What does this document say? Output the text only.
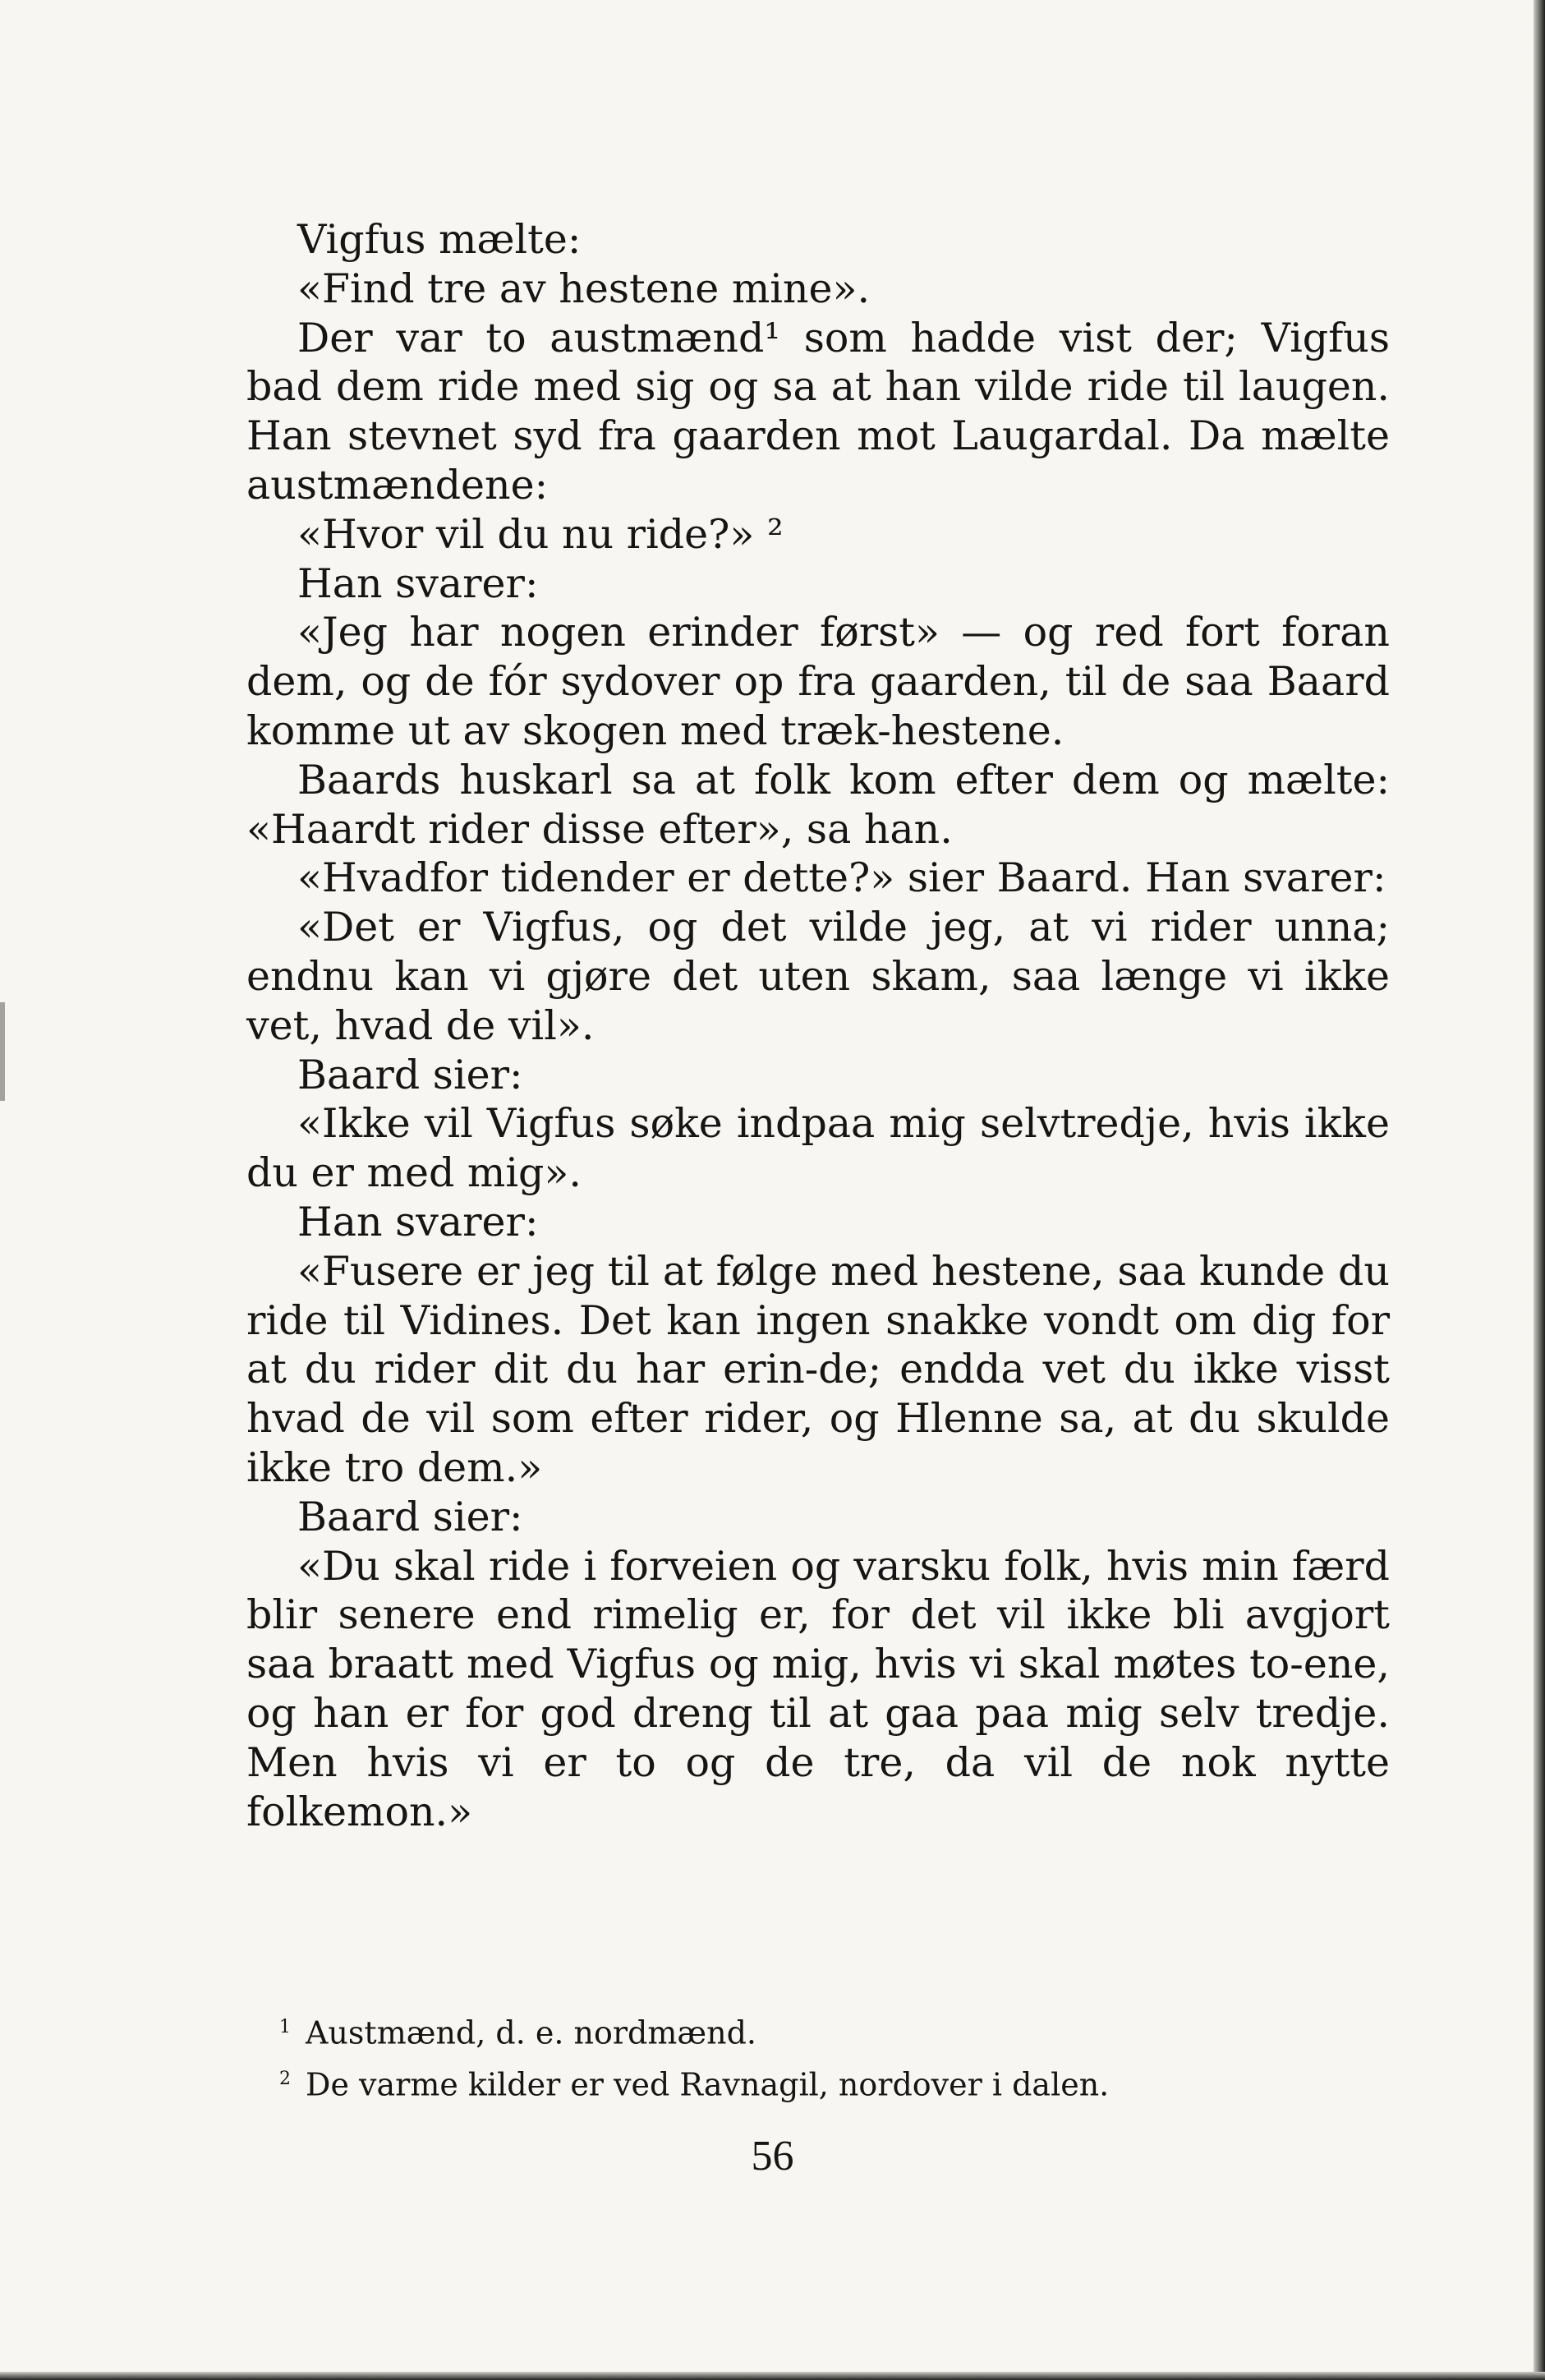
Vigfus mælte:

«Find tre av hestene mine».

Der var to austmænd¹ som hadde vist der; Vigfus bad dem ride med sig og sa at han vilde ride til laugen. Han stevnet syd fra gaarden mot Laugardal. Da mælte austmændene:

«Hvor vil du nu ride?» ²

Han svarer:

«Jeg har nogen erinder først» — og red fort foran dem, og de fór sydover op fra gaarden, til de saa Baard komme ut av skogen med træk-hestene.

Baards huskarl sa at folk kom efter dem og mælte: «Haardt rider disse efter», sa han.

«Hvadfor tidender er dette?» sier Baard. Han svarer:

«Det er Vigfus, og det vilde jeg, at vi rider unna; endnu kan vi gjøre det uten skam, saa længe vi ikke vet, hvad de vil».

Baard sier:

«Ikke vil Vigfus søke indpaa mig selvtredje, hvis ikke du er med mig».

Han svarer:

«Fusere er jeg til at følge med hestene, saa kunde du ride til Vidines. Det kan ingen snakke vondt om dig for at du rider dit du har erin-de; endda vet du ikke visst hvad de vil som efter rider, og Hlenne sa, at du skulde ikke tro dem.»

Baard sier:

«Du skal ride i forveien og varsku folk, hvis min færd blir senere end rimelig er, for det vil ikke bli avgjort saa braatt med Vigfus og mig, hvis vi skal møtes to-ene, og han er for god dreng til at gaa paa mig selv tredje. Men hvis vi er to og de tre, da vil de nok nytte folkemon.»

$^1$ Austmænd, d. e. nordmænd.

$^2$ De varme kilder er ved Ravnagil, nordover i dalen.

56
